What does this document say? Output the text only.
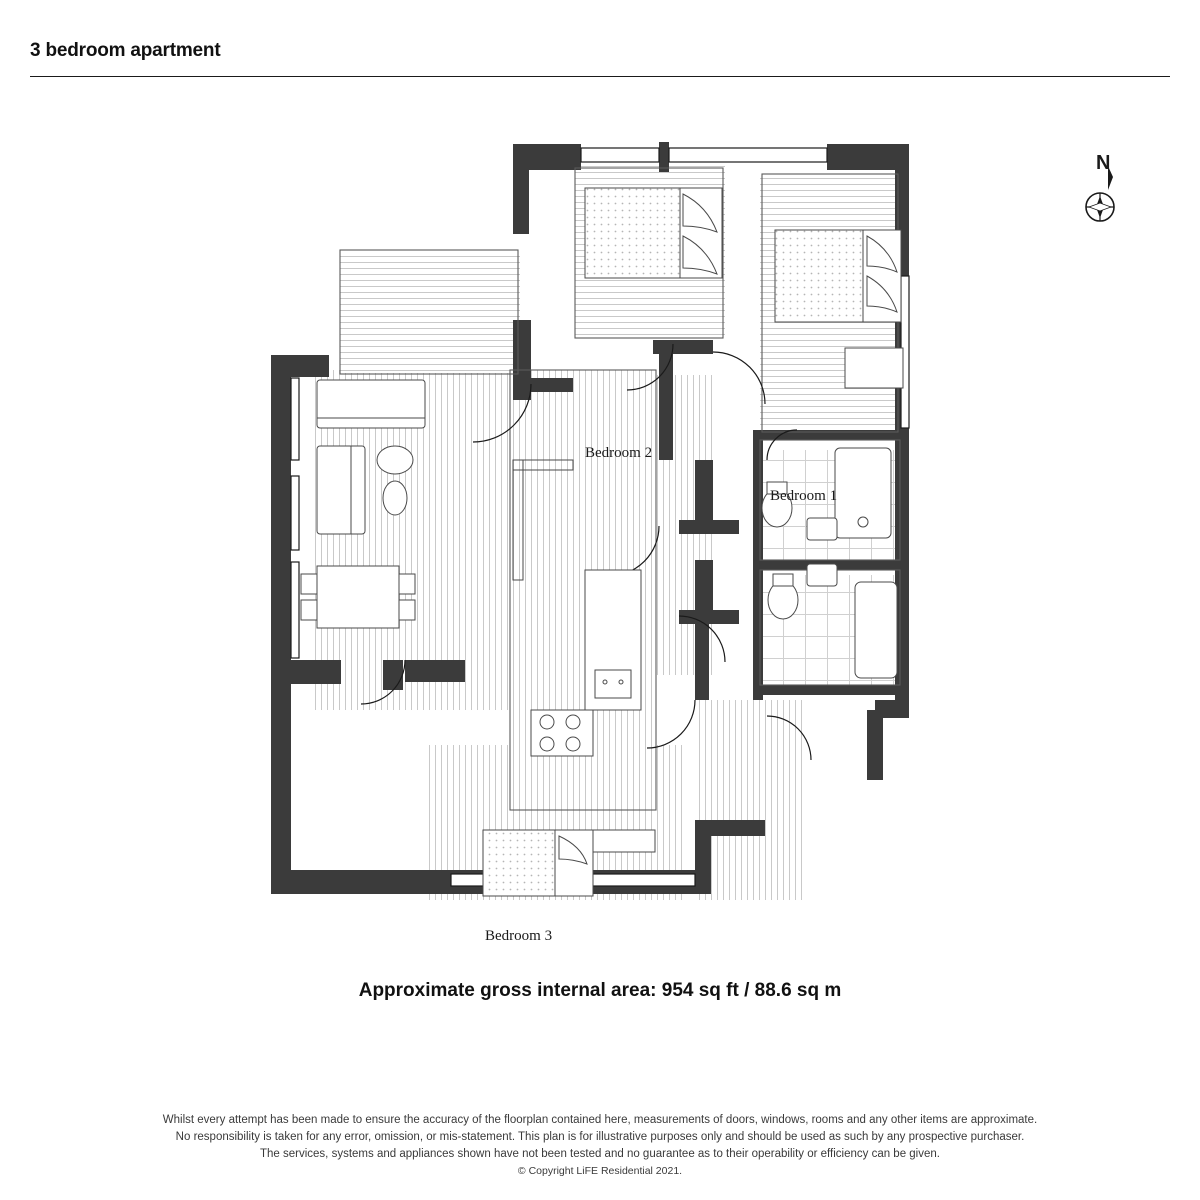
3 bedroom apartment
N
Bedroom 1
Bedroom 2
Bedroom 3
Approximate gross internal area: 954 sq ft / 88.6 sq m
Whilst every attempt has been made to ensure the accuracy of the floorplan contained here, measurements of doors, windows, rooms and any other items are approximate.
No responsibility is taken for any error, omission, or mis-statement. This plan is for illustrative purposes only and should be used as such by any prospective purchaser.
The services, systems and appliances shown have not been tested and no guarantee as to their operability or efficiency can be given.
© Copyright LiFE Residential 2021.
